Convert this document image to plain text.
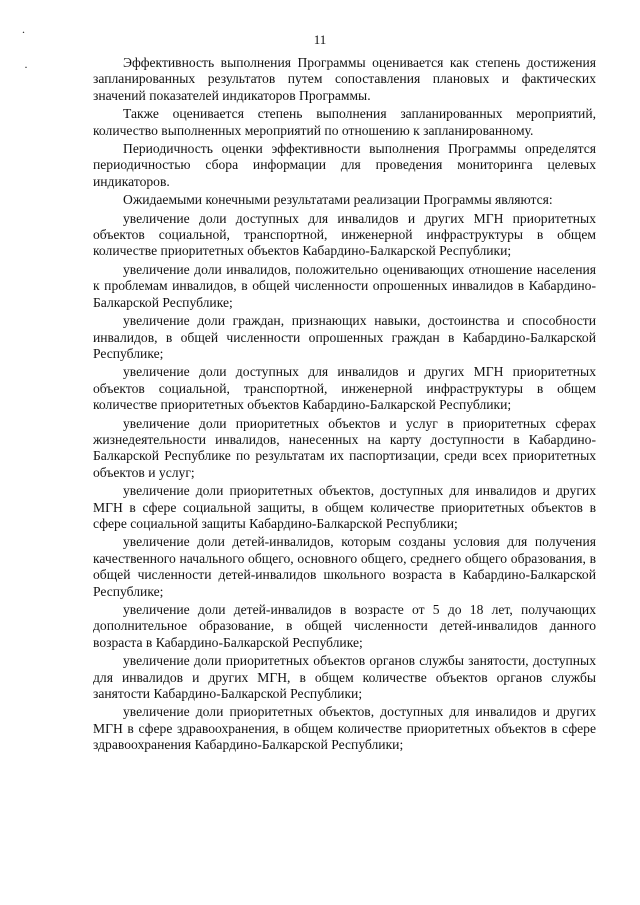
.
·
11

Эффективность выполнения Программы оценивается как степень достижения запланированных результатов путем сопоставления плановых и фактических значений показателей индикаторов Программы.

Также оценивается степень выполнения запланированных мероприятий, количество выполненных мероприятий по отношению к запланированному.

Периодичность оценки эффективности выполнения Программы определятся периодичностью сбора информации для проведения мониторинга целевых индикаторов.

Ожидаемыми конечными результатами реализации Программы являются:

увеличение доли доступных для инвалидов и других МГН приоритетных объектов социальной, транспортной, инженерной инфраструктуры в общем количестве приоритетных объектов Кабардино-Балкарской Республики;

увеличение доли инвалидов, положительно оценивающих отношение населения к проблемам инвалидов, в общей численности опрошенных инвалидов в Кабардино-Балкарской Республике;

увеличение доли граждан, признающих навыки, достоинства и способности инвалидов, в общей численности опрошенных граждан в Кабардино-Балкарской Республике;

увеличение доли доступных для инвалидов и других МГН приоритетных объектов социальной, транспортной, инженерной инфраструктуры в общем количестве приоритетных объектов Кабардино-Балкарской Республики;

увеличение доли приоритетных объектов и услуг в приоритетных сферах жизнедеятельности инвалидов, нанесенных на карту доступности в Кабардино-Балкарской Республике по результатам их паспортизации, среди всех приоритетных объектов и услуг;

увеличение доли приоритетных объектов, доступных для инвалидов и других МГН в сфере социальной защиты, в общем количестве приоритетных объектов в сфере социальной защиты Кабардино-Балкарской Республики;

увеличение доли детей-инвалидов, которым созданы условия для получения качественного начального общего, основного общего, среднего общего образования, в общей численности детей-инвалидов школьного возраста в Кабардино-Балкарской Республике;

увеличение доли детей-инвалидов в возрасте от 5 до 18 лет, получающих дополнительное образование, в общей численности детей-инвалидов данного возраста в Кабардино-Балкарской Республике;

увеличение доли приоритетных объектов органов службы занятости, доступных для инвалидов и других МГН, в общем количестве объектов органов службы занятости Кабардино-Балкарской Республики;

увеличение доли приоритетных объектов, доступных для инвалидов и других МГН в сфере здравоохранения, в общем количестве приоритетных объектов в сфере здравоохранения Кабардино-Балкарской Республики;
